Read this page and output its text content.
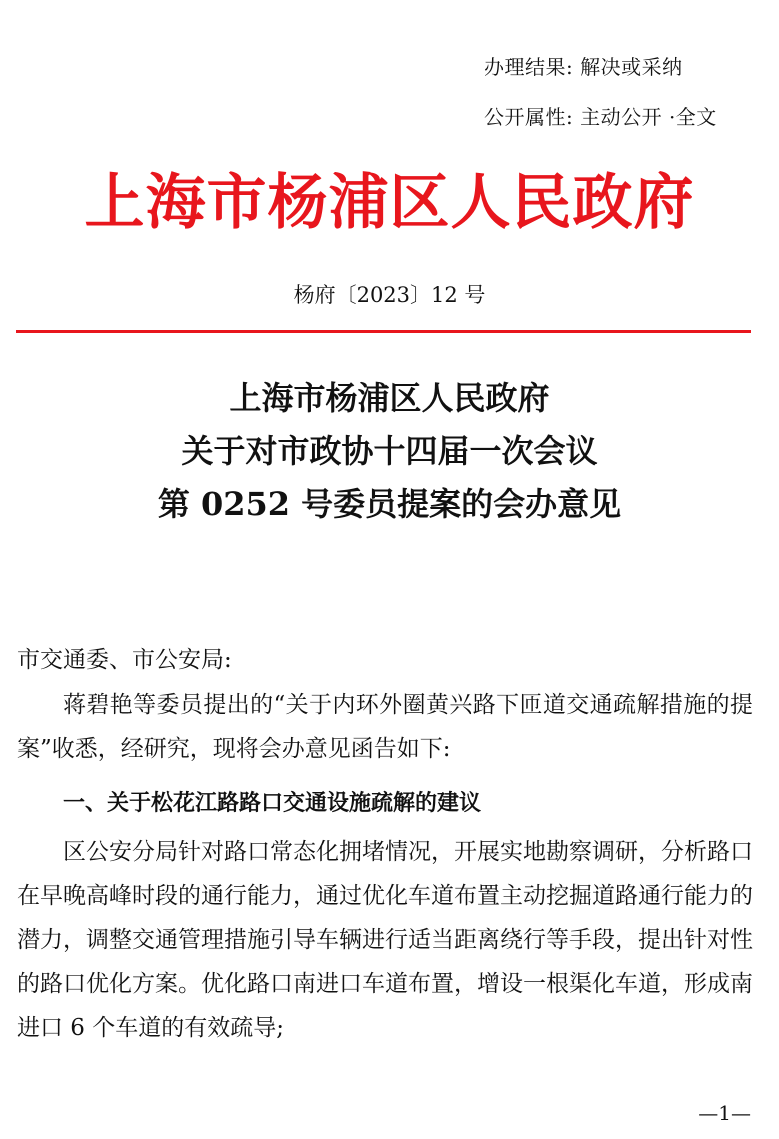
办理结果: 解决或采纳
公开属性: 主动公开 ·全文
上海市杨浦区人民政府
杨府〔2023〕12 号
上海市杨浦区人民政府
关于对市政协十四届一次会议
第 0252 号委员提案的会办意见
市交通委、市公安局:
蒋碧艳等委员提出的“关于内环外圈黄兴路下匝道交通疏解措施的提案”收悉，经研究，现将会办意见函告如下:
一、关于松花江路路口交通设施疏解的建议
区公安分局针对路口常态化拥堵情况，开展实地勘察调研，分析路口在早晚高峰时段的通行能力，通过优化车道布置主动挖掘道路通行能力的潜力，调整交通管理措施引导车辆进行适当距离绕行等手段，提出针对性的路口优化方案。优化路口南进口车道布置，增设一根渠化车道，形成南进口 6 个车道的有效疏导;
—1—
